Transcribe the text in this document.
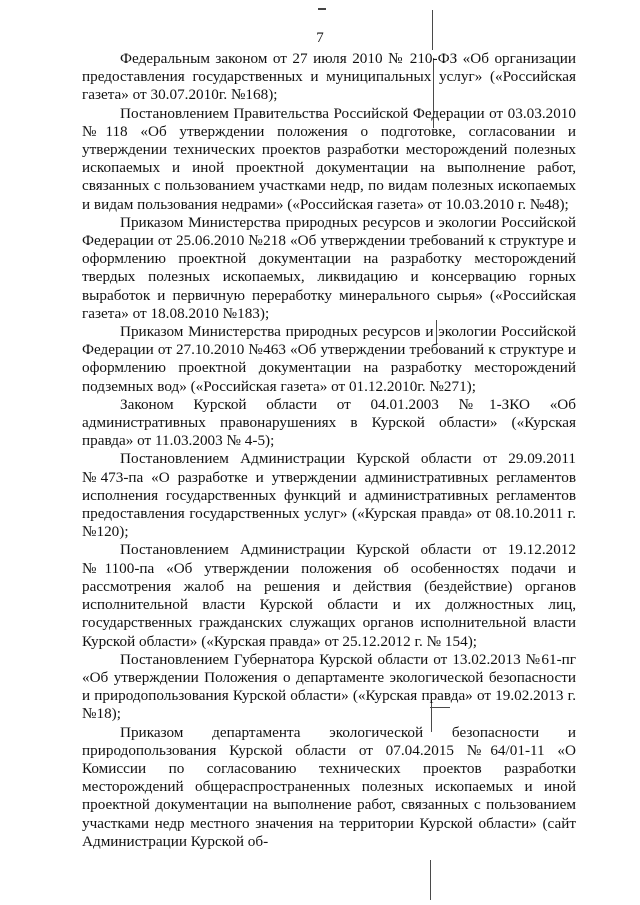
7

Федеральным законом от 27 июля 2010 № 210-ФЗ «Об организации предоставления государственных и муниципальных услуг» («Российская газета» от 30.07.2010г. №168);

Постановлением Правительства Российской Федерации от 03.03.2010 №118 «Об утверждении положения о подготовке, согласовании и утверждении технических проектов разработки месторождений полезных ископаемых и иной проектной документации на выполнение работ, связанных с пользованием участками недр, по видам полезных ископаемых и видам пользования недрами» («Российская газета» от 10.03.2010 г. №48);

Приказом Министерства природных ресурсов и экологии Российской Федерации от 25.06.2010 №218 «Об утверждении требований к структуре и оформлению проектной документации на разработку месторождений твердых полезных ископаемых, ликвидацию и консервацию горных выработок и первичную переработку минерального сырья» («Российская газета» от 18.08.2010 №183);

Приказом Министерства природных ресурсов и экологии Российской Федерации от 27.10.2010 №463 «Об утверждении требований к структуре и оформлению проектной документации на разработку месторождений подземных вод» («Российская газета» от 01.12.2010г. №271);

Законом Курской области от 04.01.2003 №1-ЗКО «Об административных правонарушениях в Курской области» («Курская правда» от 11.03.2003 № 4-5);

Постановлением Администрации Курской области от 29.09.2011 №473-па «О разработке и утверждении административных регламентов исполнения государственных функций и административных регламентов предоставления государственных услуг» («Курская правда» от 08.10.2011 г. №120);

Постановлением Администрации Курской области от 19.12.2012 №1100-па «Об утверждении положения об особенностях подачи и рассмотрения жалоб на решения и действия (бездействие) органов исполнительной власти Курской области и их должностных лиц, государственных гражданских служащих органов исполнительной власти Курской области» («Курская правда» от 25.12.2012 г. № 154);

Постановлением Губернатора Курской области от 13.02.2013 №61-пг «Об утверждении Положения о департаменте экологической безопасности и природопользования Курской области» («Курская правда» от 19.02.2013 г. №18);

Приказом департамента экологической безопасности и природопользования Курской области от 07.04.2015 №64/01-11 «О Комиссии по согласованию технических проектов разработки месторождений общераспространенных полезных ископаемых и иной проектной документации на выполнение работ, связанных с пользованием участками недр местного значения на территории Курской области» (сайт Администрации Курской об-
